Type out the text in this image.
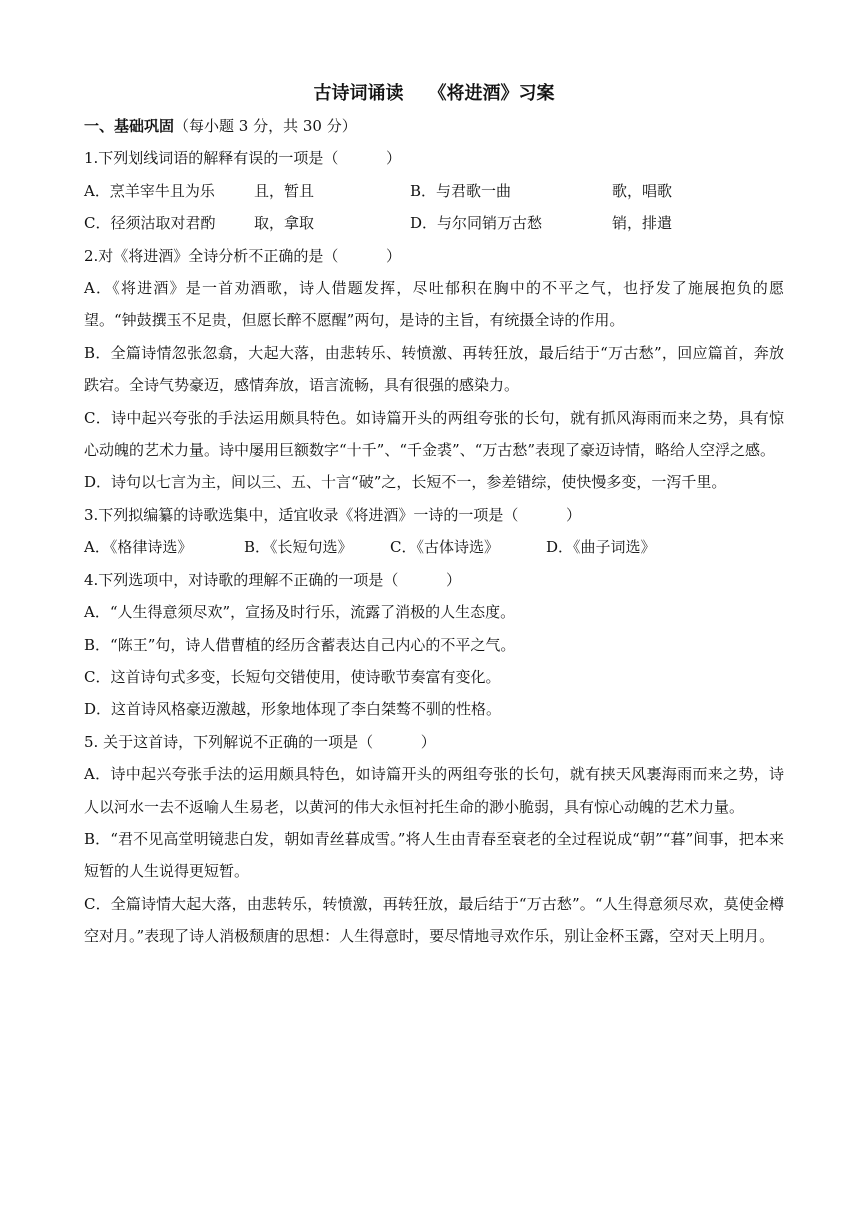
古诗词诵读    《将进酒》习案
一、基础巩固（每小题 3 分，共 30 分）
1.下列划线词语的解释有误的一项是（          ）
A．烹羊宰牛且为乐	且，暂且	B．与君歌一曲	歌，唱歌
C．径须沽取对君酌	取，拿取	D．与尔同销万古愁	销，排遣
2.对《将进酒》全诗分析不正确的是（          ）
A．《将进酒》是一首劝酒歌，诗人借题发挥，尽吐郁积在胸中的不平之气，也抒发了施展抱负的愿望。“钟鼓撰玉不足贵，但愿长醉不愿醒”两句，是诗的主旨，有统摄全诗的作用。
B．全篇诗情忽张忽翕，大起大落，由悲转乐、转愤激、再转狂放，最后结于“万古愁”，回应篇首，奔放跌宕。全诗气势豪迈，感情奔放，语言流畅，具有很强的感染力。
C．诗中起兴夸张的手法运用颇具特色。如诗篇开头的两组夸张的长句，就有抓风海雨而来之势，具有惊心动魄的艺术力量。诗中屡用巨额数字“十千”、“千金裘”、“万古愁”表现了豪迈诗情，略给人空浮之感。
D．诗句以七言为主，间以三、五、十言“破”之，长短不一，参差错综，使快慢多变，一泻千里。
3.下列拟编纂的诗歌选集中，适宜收录《将进酒》一诗的一项是（          ）
A．《格律诗选》	B．《长短句选》	C．《古体诗选》	D．《曲子词选》
4.下列选项中，对诗歌的理解不正确的一项是（          ）
A．“人生得意须尽欢”，宣扬及时行乐，流露了消极的人生态度。
B．“陈王”句，诗人借曹植的经历含蓄表达自己内心的不平之气。
C．这首诗句式多变，长短句交错使用，使诗歌节奏富有变化。
D．这首诗风格豪迈激越，形象地体现了李白桀骜不驯的性格。
5. 关于这首诗，下列解说不正确的一项是（          ）
A．诗中起兴夸张手法的运用颇具特色，如诗篇开头的两组夸张的长句，就有挟天风裹海雨而来之势，诗人以河水一去不返喻人生易老，以黄河的伟大永恒衬托生命的渺小脆弱，具有惊心动魄的艺术力量。
B．“君不见高堂明镜悲白发，朝如青丝暮成雪。”将人生由青春至衰老的全过程说成“朝”“暮”间事，把本来短暂的人生说得更短暂。
C．全篇诗情大起大落，由悲转乐，转愤激，再转狂放，最后结于“万古愁”。“人生得意须尽欢，莫使金樽空对月。”表现了诗人消极颓唐的思想：人生得意时，要尽情地寻欢作乐，别让金杯玉露，空对天上明月。
